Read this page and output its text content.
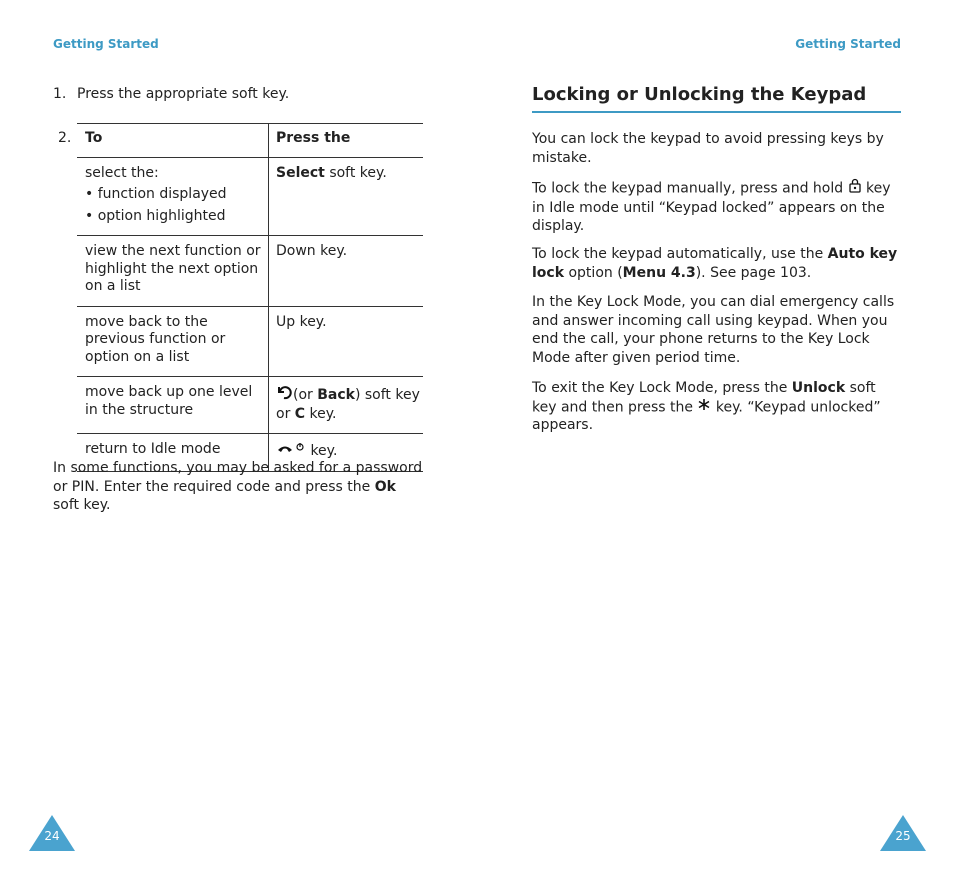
Getting Started	Getting Started
1. Press the appropriate soft key.
2. To	Press the
select the:
• function displayed
• option highlighted	Select soft key.
view the next function or highlight the next option on a list	Down key.
move back to the previous function or option on a list	Up key.
move back up one level in the structure	(or Back) soft key or C key.
return to Idle mode	key.
In some functions, you may be asked for a password or PIN. Enter the required code and press the Ok soft key.
Locking or Unlocking the Keypad
You can lock the keypad to avoid pressing keys by mistake.
To lock the keypad manually, press and hold  key in Idle mode until “Keypad locked” appears on the display.
To lock the keypad automatically, use the Auto key lock option (Menu 4.3). See page 103.
In the Key Lock Mode, you can dial emergency calls and answer incoming call using keypad. When you end the call, your phone returns to the Key Lock Mode after given period time.
To exit the Key Lock Mode, press the Unlock soft key and then press the  key. “Keypad unlocked” appears.
24	25
